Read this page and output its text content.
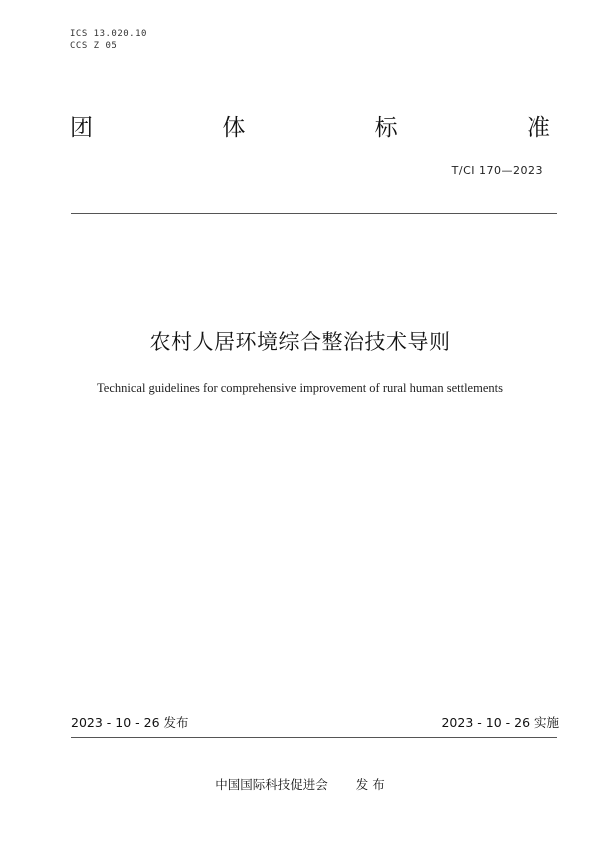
ICS 13.020.10
CCS Z 05
团	体	标	准
T/CI 170—2023
农村人居环境综合整治技术导则
Technical guidelines for comprehensive improvement of rural human settlements
2023 - 10 - 26 发布	2023 - 10 - 26 实施
中国国际科技促进会 发 布
